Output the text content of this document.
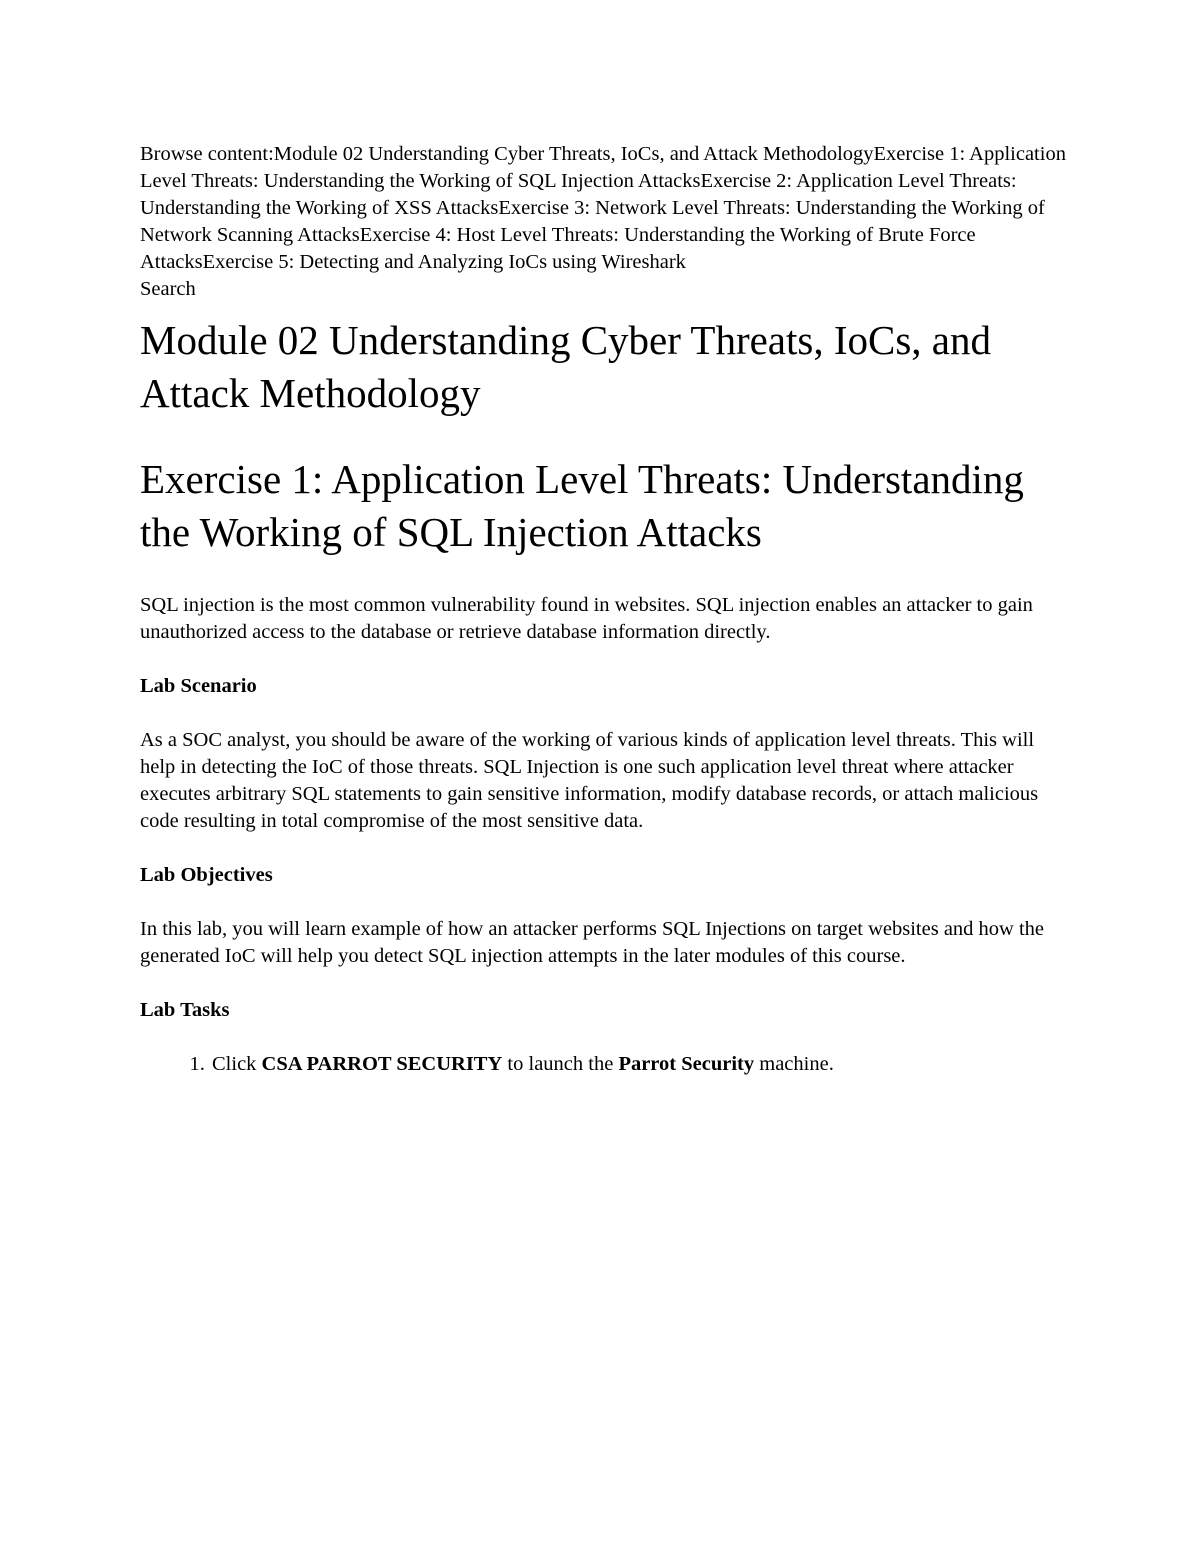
Browse content:Module 02 Understanding Cyber Threats, IoCs, and Attack MethodologyExercise 1: Application Level Threats: Understanding the Working of SQL Injection AttacksExercise 2: Application Level Threats: Understanding the Working of XSS AttacksExercise 3: Network Level Threats: Understanding the Working of Network Scanning AttacksExercise 4: Host Level Threats: Understanding the Working of Brute Force AttacksExercise 5: Detecting and Analyzing IoCs using Wireshark

Search

Module 02 Understanding Cyber Threats, IoCs, and Attack Methodology
Exercise 1: Application Level Threats: Understanding the Working of SQL Injection Attacks

SQL injection is the most common vulnerability found in websites. SQL injection enables an attacker to gain unauthorized access to the database or retrieve database information directly.

Lab Scenario

As a SOC analyst, you should be aware of the working of various kinds of application level threats. This will help in detecting the IoC of those threats. SQL Injection is one such application level threat where attacker executes arbitrary SQL statements to gain sensitive information, modify database records, or attach malicious code resulting in total compromise of the most sensitive data.

Lab Objectives

In this lab, you will learn example of how an attacker performs SQL Injections on target websites and how the generated IoC will help you detect SQL injection attempts in the later modules of this course.

Lab Tasks

1. Click CSA PARROT SECURITY to launch the Parrot Security machine.
